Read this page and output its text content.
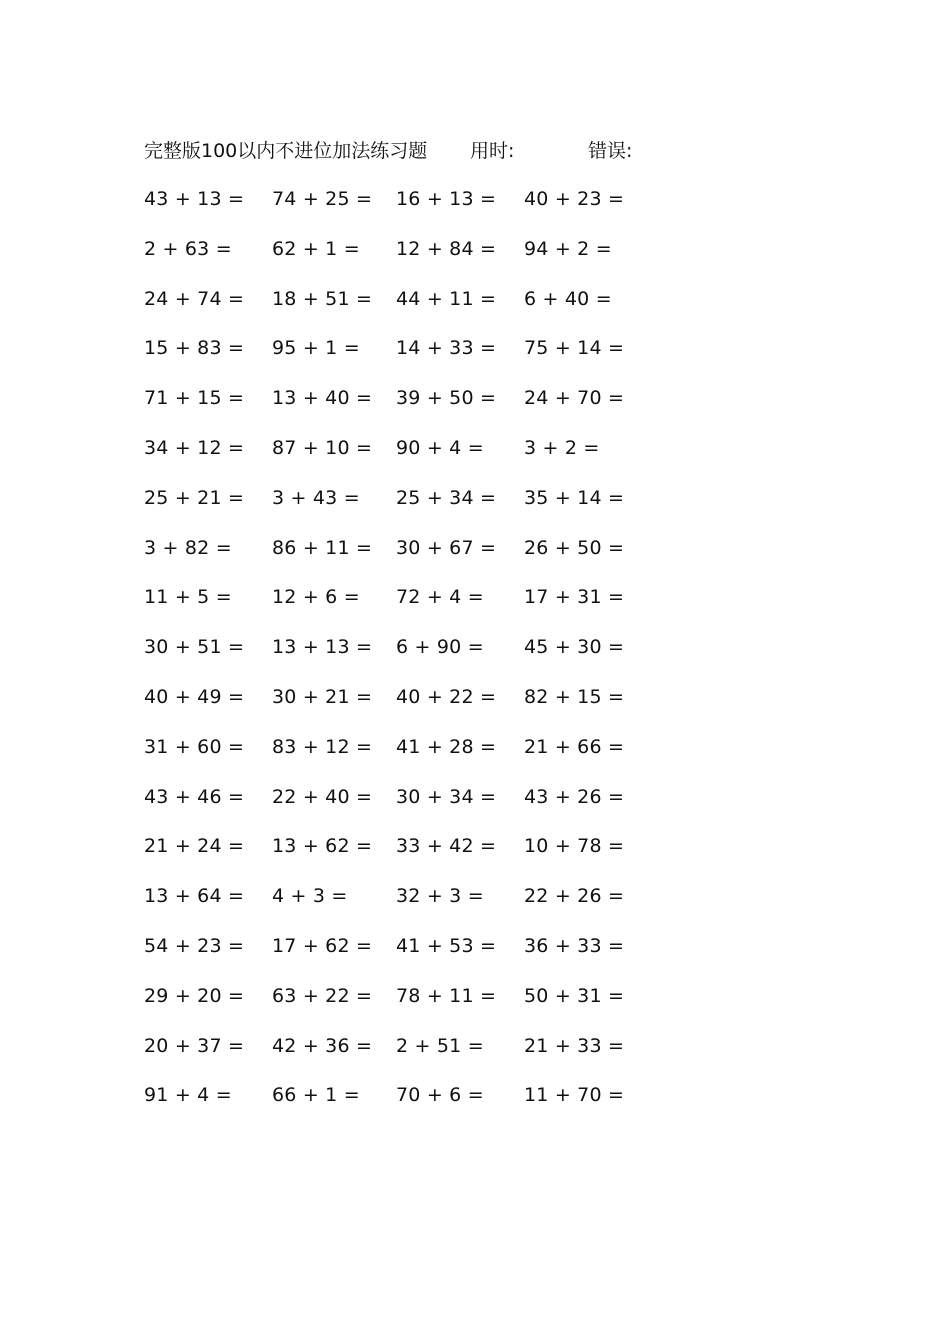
完整版100以内不进位加法练习题 用时:	错误:
43 + 13 = 74 + 25 = 16 + 13 = 40 + 23 =
2 + 63 = 62 + 1 = 12 + 84 = 94 + 2 =
24 + 74 = 18 + 51 = 44 + 11 = 6 + 40 =
15 + 83 = 95 + 1 = 14 + 33 = 75 + 14 =
71 + 15 = 13 + 40 = 39 + 50 = 24 + 70 =
34 + 12 = 87 + 10 = 90 + 4 = 3 + 2 =
25 + 21 = 3 + 43 = 25 + 34 = 35 + 14 =
3 + 82 = 86 + 11 = 30 + 67 = 26 + 50 =
11 + 5 = 12 + 6 = 72 + 4 = 17 + 31 =
30 + 51 = 13 + 13 = 6 + 90 = 45 + 30 =
40 + 49 = 30 + 21 = 40 + 22 = 82 + 15 =
31 + 60 = 83 + 12 = 41 + 28 = 21 + 66 =
43 + 46 = 22 + 40 = 30 + 34 = 43 + 26 =
21 + 24 = 13 + 62 = 33 + 42 = 10 + 78 =
13 + 64 = 4 + 3 =	32 + 3 = 22 + 26 =
54 + 23 = 17 + 62 = 41 + 53 = 36 + 33 =
29 + 20 = 63 + 22 = 78 + 11 = 50 + 31 =
20 + 37 = 42 + 36 = 2 + 51 = 21 + 33 =
91 + 4 = 66 + 1 = 70 + 6 = 11 + 70 =
